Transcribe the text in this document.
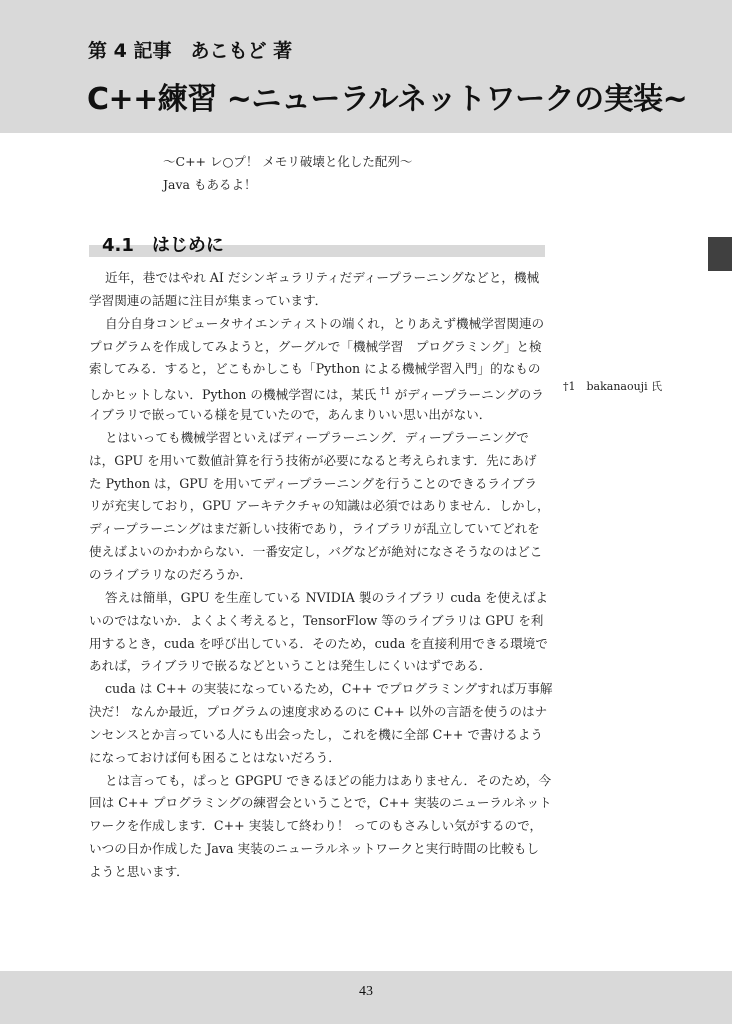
第 4 記事　あこもど 著
C++練習 ~ニューラルネットワークの実装~
～C++ レ○プ！ メモリ破壊と化した配列～
Java もあるよ！
4.1　はじめに
近年，巷ではやれ AI だシンギュラリティだディープラーニングなどと，機械
学習関連の話題に注目が集まっています．
自分自身コンピュータサイエンティストの端くれ，とりあえず機械学習関連の
プログラムを作成してみようと，グーグルで「機械学習　プログラミング」と検
索してみる．すると，どこもかしこも「Python による機械学習入門」的なもの
しかヒットしない．Python の機械学習には，某氏 $^{\dagger 1}$ がディープラーニングのラ
イブラリで嵌っている様を見ていたので，あんまりいい思い出がない．
とはいっても機械学習といえばディープラーニング．ディープラーニングで
は，GPU を用いて数値計算を行う技術が必要になると考えられます．先にあげ
た Python は，GPU を用いてディープラーニングを行うことのできるライブラ
リが充実しており，GPU アーキテクチャの知識は必須ではありません．しかし，
ディープラーニングはまだ新しい技術であり，ライブラリが乱立していてどれを
使えばよいのかわからない．一番安定し，バグなどが絶対になさそうなのはどこ
のライブラリなのだろうか．
答えは簡単，GPU を生産している NVIDIA 製のライブラリ cuda を使えばよ
いのではないか．よくよく考えると，TensorFlow 等のライブラリは GPU を利
用するとき，cuda を呼び出している．そのため，cuda を直接利用できる環境で
あれば，ライブラリで嵌るなどということは発生しにくいはずである．
cuda は C++ の実装になっているため，C++ でプログラミングすれば万事解
決だ！ なんか最近，プログラムの速度求めるのに C++ 以外の言語を使うのはナ
ンセンスとか言っている人にも出会ったし，これを機に全部 C++ で書けるよう
になっておけば何も困ることはないだろう．
とは言っても，ぱっと GPGPU できるほどの能力はありません．そのため，今
回は C++ プログラミングの練習会ということで，C++ 実装のニューラルネット
ワークを作成します．C++ 実装して終わり！ ってのもさみしい気がするので，
いつの日か作成した Java 実装のニューラルネットワークと実行時間の比較もし
ようと思います．
†1　bakanaouji 氏
43
